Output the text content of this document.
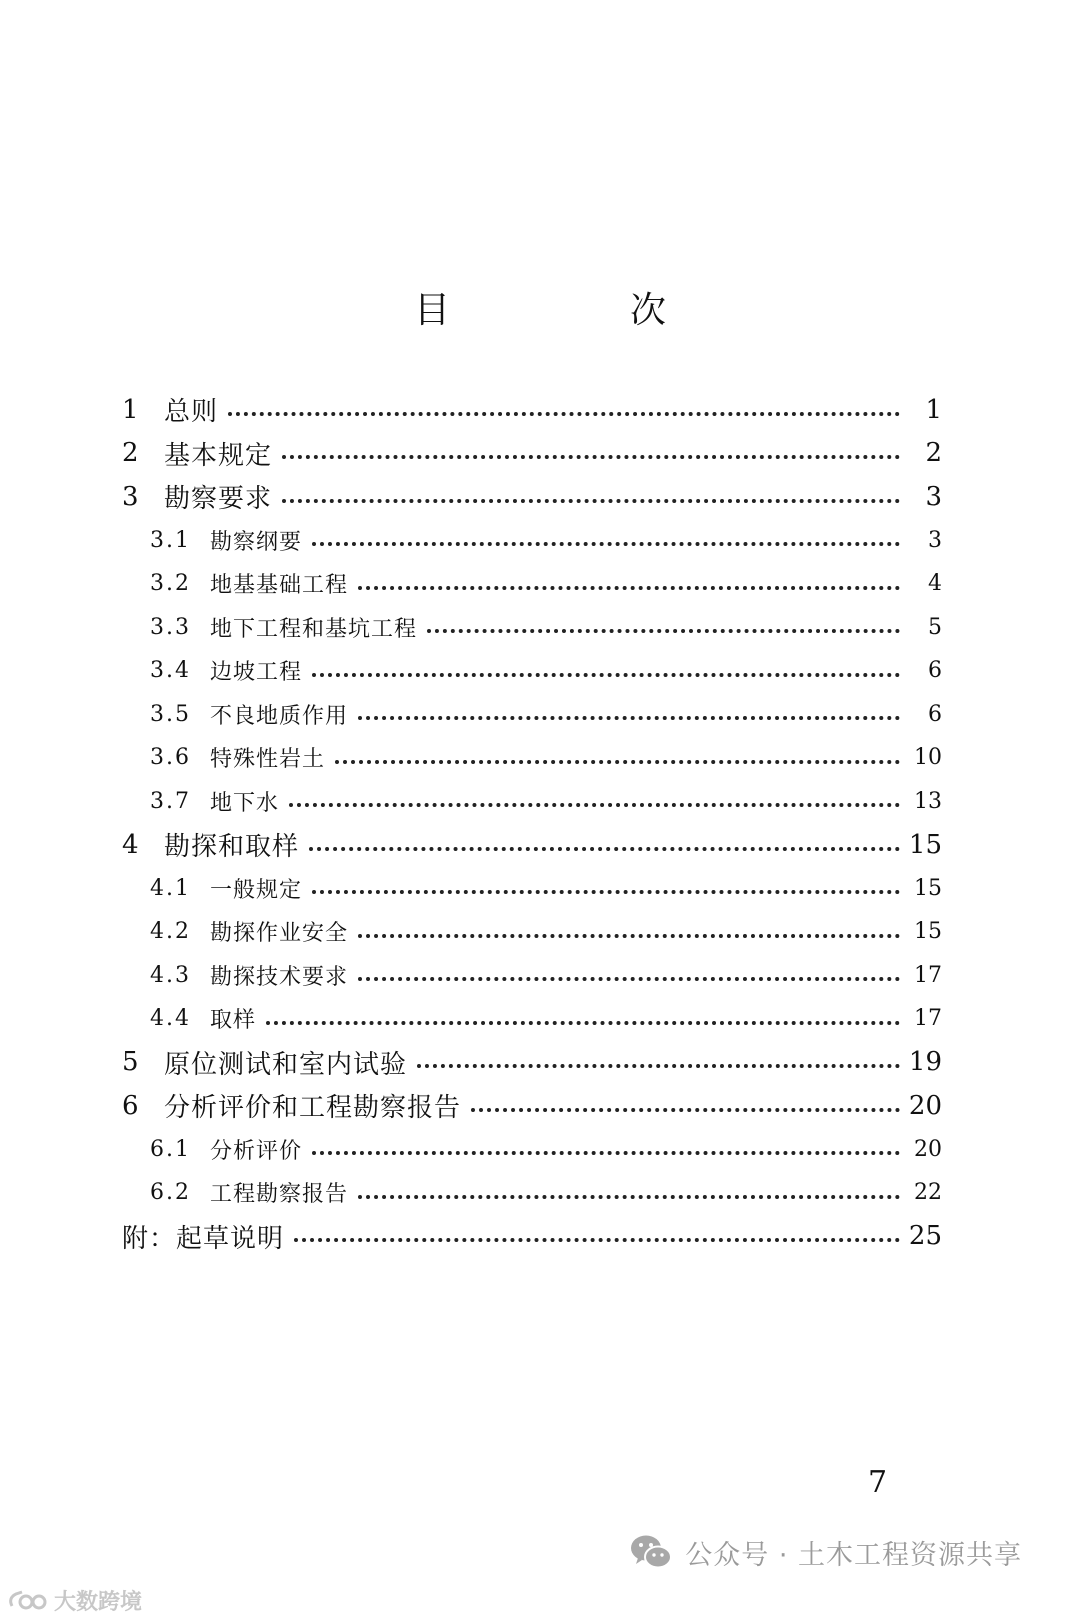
目　次
1 总则	1
2 基本规定	2
3 勘察要求	3
3.1 勘察纲要	3
3.2 地基基础工程	4
3.3 地下工程和基坑工程	5
3.4 边坡工程	6
3.5 不良地质作用	6
3.6 特殊性岩土	10
3.7 地下水	13
4 勘探和取样	15
4.1 一般规定	15
4.2 勘探作业安全	15
4.3 勘探技术要求	17
4.4 取样	17
5 原位测试和室内试验	19
6 分析评价和工程勘察报告	20
6.1 分析评价	20
6.2 工程勘察报告	22
附：起草说明	25
7
公众号 · 土木工程资源共享
大数跨境
